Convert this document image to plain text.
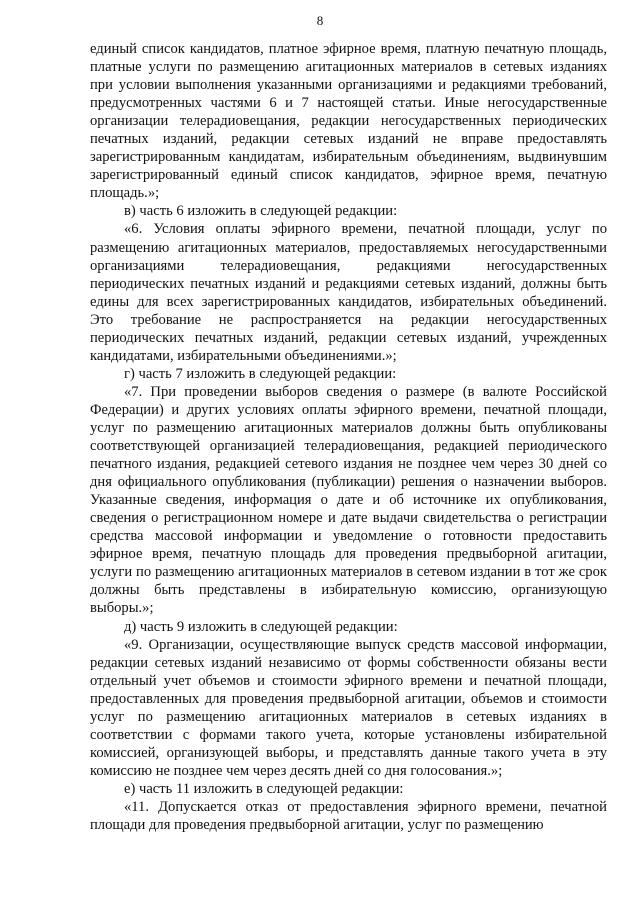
8

единый список кандидатов, платное эфирное время, платную печатную площадь, платные услуги по размещению агитационных материалов в сетевых изданиях при условии выполнения указанными организациями и редакциями требований, предусмотренных частями 6 и 7 настоящей статьи. Иные негосударственные организации телерадиовещания, редакции негосударственных периодических печатных изданий, редакции сетевых изданий не вправе предоставлять зарегистрированным кандидатам, избирательным объединениям, выдвинувшим зарегистрированный единый список кандидатов, эфирное время, печатную площадь.»;

в) часть 6 изложить в следующей редакции:

«6. Условия оплаты эфирного времени, печатной площади, услуг по размещению агитационных материалов, предоставляемых негосударственными организациями телерадиовещания, редакциями негосударственных периодических печатных изданий и редакциями сетевых изданий, должны быть едины для всех зарегистрированных кандидатов, избирательных объединений. Это требование не распространяется на редакции негосударственных периодических печатных изданий, редакции сетевых изданий, учрежденных кандидатами, избирательными объединениями.»;

г) часть 7 изложить в следующей редакции:

«7. При проведении выборов сведения о размере (в валюте Российской Федерации) и других условиях оплаты эфирного времени, печатной площади, услуг по размещению агитационных материалов должны быть опубликованы соответствующей организацией телерадиовещания, редакцией периодического печатного издания, редакцией сетевого издания не позднее чем через 30 дней со дня официального опубликования (публикации) решения о назначении выборов. Указанные сведения, информация о дате и об источнике их опубликования, сведения о регистрационном номере и дате выдачи свидетельства о регистрации средства массовой информации и уведомление о готовности предоставить эфирное время, печатную площадь для проведения предвыборной агитации, услуги по размещению агитационных материалов в сетевом издании в тот же срок должны быть представлены в избирательную комиссию, организующую выборы.»;

д) часть 9 изложить в следующей редакции:

«9. Организации, осуществляющие выпуск средств массовой информации, редакции сетевых изданий независимо от формы собственности обязаны вести отдельный учет объемов и стоимости эфирного времени и печатной площади, предоставленных для проведения предвыборной агитации, объемов и стоимости услуг по размещению агитационных материалов в сетевых изданиях в соответствии с формами такого учета, которые установлены избирательной комиссией, организующей выборы, и представлять данные такого учета в эту комиссию не позднее чем через десять дней со дня голосования.»;

е) часть 11 изложить в следующей редакции:

«11. Допускается отказ от предоставления эфирного времени, печатной площади для проведения предвыборной агитации, услуг по размещению
